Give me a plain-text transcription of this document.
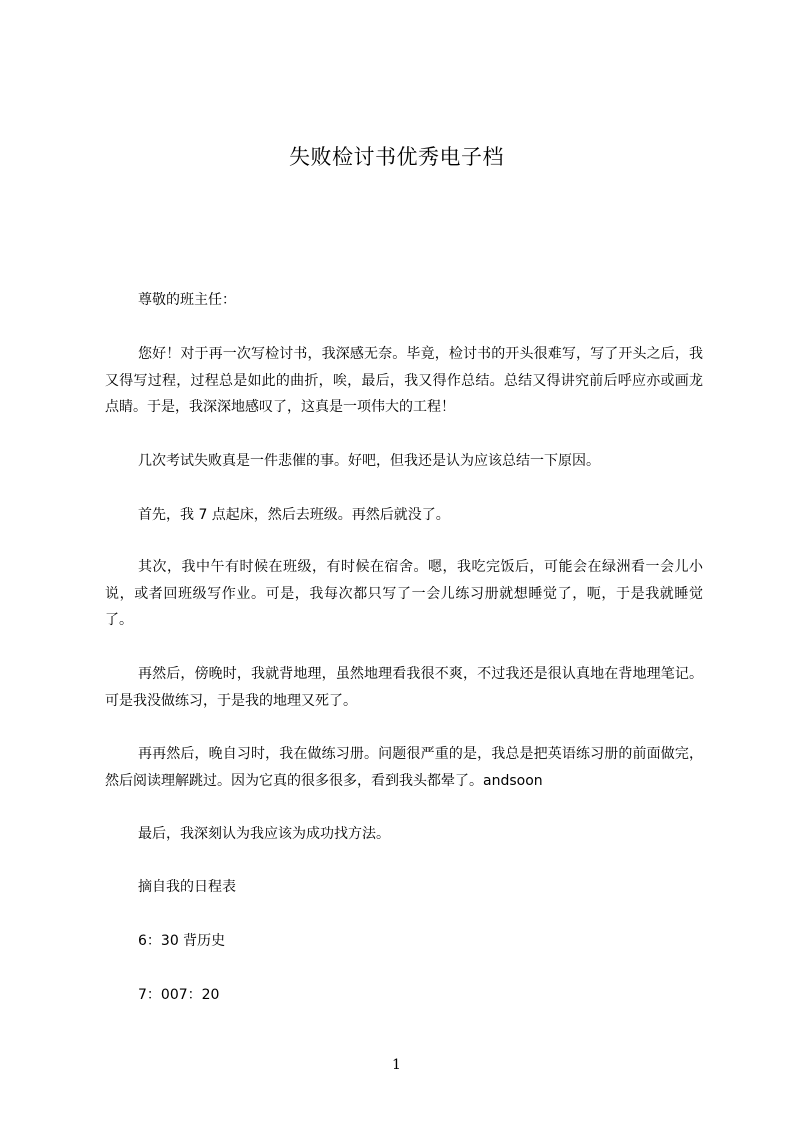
失败检讨书优秀电子档

尊敬的班主任：

您好！对于再一次写检讨书，我深感无奈。毕竟，检讨书的开头很难写，写了开头之后，我又得写过程，过程总是如此的曲折，唉，最后，我又得作总结。总结又得讲究前后呼应亦或画龙点睛。于是，我深深地感叹了，这真是一项伟大的工程！

几次考试失败真是一件悲催的事。好吧，但我还是认为应该总结一下原因。

首先，我 7 点起床，然后去班级。再然后就没了。

其次，我中午有时候在班级，有时候在宿舍。嗯，我吃完饭后，可能会在绿洲看一会儿小说，或者回班级写作业。可是，我每次都只写了一会儿练习册就想睡觉了，呃，于是我就睡觉了。

再然后，傍晚时，我就背地理，虽然地理看我很不爽，不过我还是很认真地在背地理笔记。可是我没做练习，于是我的地理又死了。

再再然后，晚自习时，我在做练习册。问题很严重的是，我总是把英语练习册的前面做完，然后阅读理解跳过。因为它真的很多很多，看到我头都晕了。andsoon

最后，我深刻认为我应该为成功找方法。

摘自我的日程表

6：30 背历史

7：007：20

1
